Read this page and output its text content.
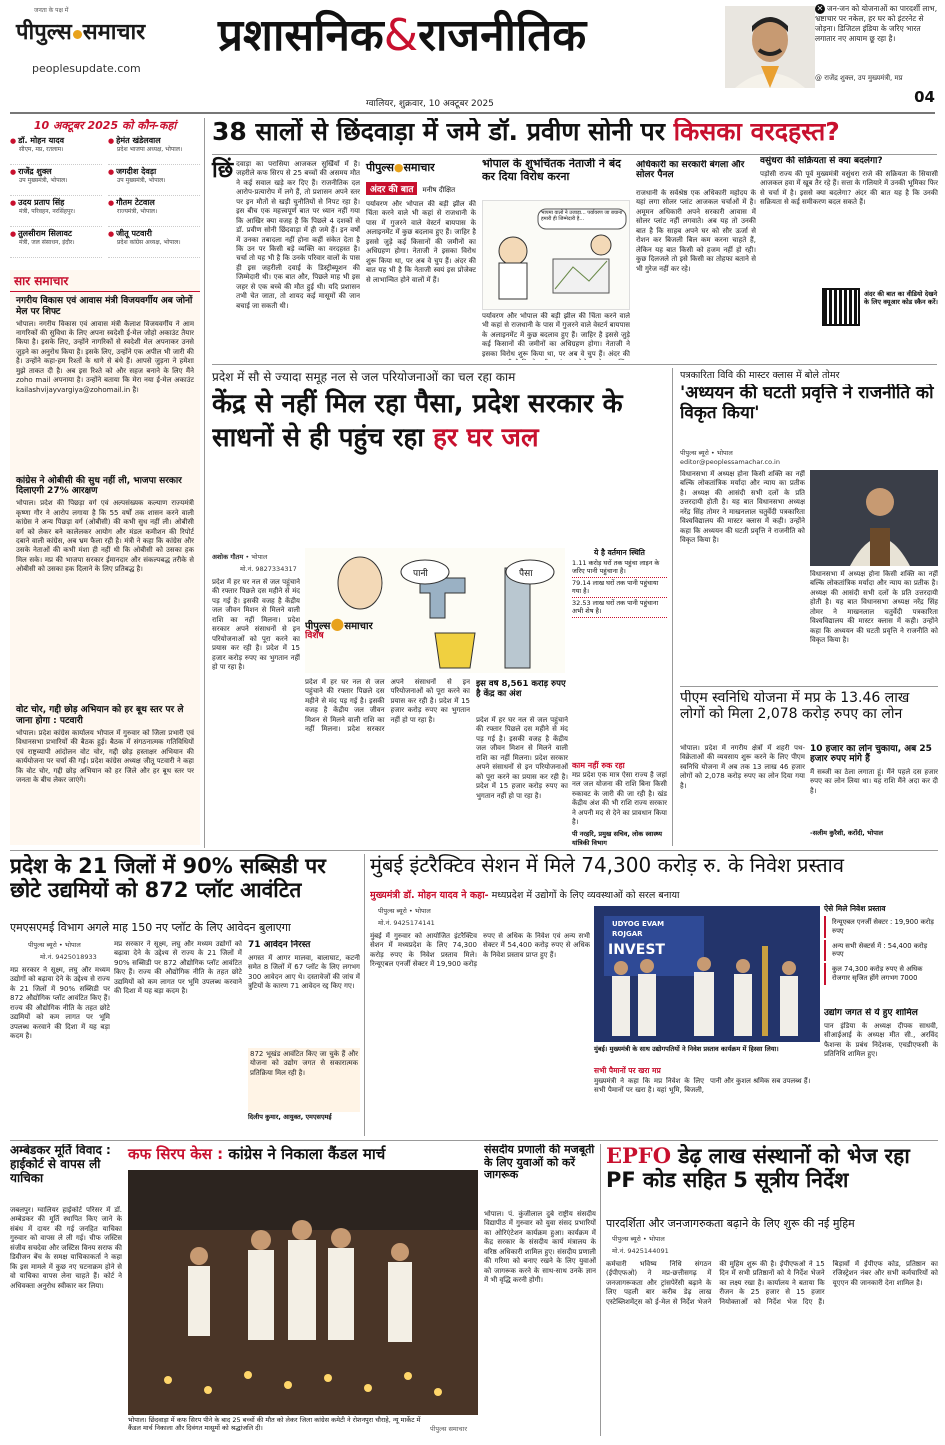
जनता के पक्ष में
पीपुल्स समाचार
peoplesupdate.com
प्रशासनिक&राजनीतिक
ग्वालियर, शुक्रवार, 10 अक्टूबर 2025
✕ जन-जन को योजनाओं का पारदर्शी लाभ, भ्रष्टाचार पर नकेल, हर घर को इंटरनेट से जोड़ना। डिजिटल इंडिया के जरिए भारत लगातार नए आयाम छू रहा है।
@ राजेंद्र शुक्ल, उप मुख्यमंत्री, मप्र
04
10 अक्टूबर 2025 को कौन-कहां
● डॉ. मोहन यादव
सीएम, मप्र, रतलाम।
● हेमंत खंडेलवाल
प्रदेश भाजपा अध्यक्ष, भोपाल।
● राजेंद्र शुक्ल
उप मुख्यमंत्री, भोपाल।
● जगदीश देवड़ा
उप मुख्यमंत्री, भोपाल।
● उदय प्रताप सिंह
मंत्री, परिवहन, नरसिंहपुर।
● गौतम टेटवाल
राज्यमंत्री, भोपाल।
● तुलसीराम सिलावट
मंत्री, जल संसाधन, इंदौर।
● जीतू पटवारी
प्रदेश कांग्रेस अध्यक्ष, भोपाल।
सार समाचार
नगरीय विकास एवं आवास मंत्री विजयवर्गीय अब जोनों मेल पर शिफ्ट
भोपाल। नगरीय विकास एवं आवास मंत्री कैलाश विजयवर्गीय ने आम नागरिकों की सुविधा के लिए अपना स्वदेशी ई-मेल जोहो अकाउंट तैयार किया है। इसके लिए, उन्होंने नागरिकों से स्वदेशी मेल अपनाकर उनसे जुड़ने का अनुरोध किया है। इसके लिए, उन्होंने एक अपील भी जारी की है। उन्होंने कहा-हम रिश्तों के धागे से बंधे हैं। आपसे जुड़ना ने हमेशा मुझे ताकत दी है। अब इस रिश्ते को और सहज बनाने के लिए मैंने zoho mail अपनाया है। उन्होंने बताया कि मेरा नया ई-मेल अकाउंट kailashvijayvargiya@zohomail.in है।
कांग्रेस ने ओबीसी की सुध नहीं ली, भाजपा सरकार दिलाएगी 27% आरक्षण
भोपाल। प्रदेश की पिछड़ा वर्ग एवं अल्पसंख्यक कल्याण राज्यमंत्री कृष्णा गौर ने आरोप लगाया है कि 55 वर्षों तक शासन करने वाली कांग्रेस ने अन्य पिछड़ा वर्ग (ओबीसी) की कभी सुध नहीं ली। ओबीसी वर्ग को लेकर बने कालेलकर आयोग और मंडल कमीशन की रिपोर्ट दबाने वाली कांग्रेस, अब भ्रम फैला रही है। मंत्री ने कहा कि कांग्रेस और उसके नेताओं की कभी मंशा ही नहीं थी कि ओबीसी को उसका हक मिल सके। मप्र की भाजपा सरकार ईमानदार और संकल्पबद्ध तरीके से ओबीसी को उसका हक दिलाने के लिए प्रतिबद्ध है।
वोट चोर, गद्दी छोड़ अभियान को हर बूथ स्तर पर ले जाना होगा : पटवारी
भोपाल। प्रदेश कांग्रेस कार्यालय भोपाल में गुरुवार को जिला प्रभारी एवं विधानसभा प्रभारियों की बैठक हुई। बैठक में संगठनात्मक गतिविधियों एवं राष्ट्रव्यापी आंदोलन वोट चोर, गद्दी छोड़ हस्ताक्षर अभियान की कार्ययोजना पर चर्चा की गई। प्रदेश कांग्रेस अध्यक्ष जीतू पटवारी ने कहा कि वोट चोर, गद्दी छोड़ अभियान को हर जिले और हर बूथ स्तर पर जनता के बीच लेकर जाएंगे।
38 सालों से छिंदवाड़ा में जमे डॉ. प्रवीण सोनी पर किसका वरदहस्त?
छिं दवाड़ा का परासिया आजकल सुर्खियों में है। जहरीले कफ सिरप से 25 बच्चों की असमय मौत ने कई सवाल खड़े कर दिए हैं। राजनीतिक दल आरोप-प्रत्यारोप में लगे हैं, तो प्रशासन अपने स्तर पर इन मौतों से खड़ी चुनौतियों से निपट रहा है। इस बीच एक महत्त्वपूर्ण बात पर ध्यान नहीं गया कि आखिर क्या वजह है कि पिछले 4 दशकों से डॉ. प्रवीण सोनी छिंदवाड़ा में ही जमे हैं। इन वर्षों में उनका तबादला नहीं होना कहीं संकेत देता है कि उन पर किसी बड़े व्यक्ति का वरदहस्त है। चर्चा तो यह भी है कि उनके परिवार वालों के पास ही इस जहरीली दवाई के डिस्ट्रीब्यूशन की जिम्मेदारी थी। एक बात और, पिछले माह भी इस जहर से एक बच्चे की मौत हुई थी। यदि प्रशासन तभी चेत जाता, तो शायद कई मासूमों की जान बचाई जा सकती थी।
पीपुल्स●समाचार
अंदर की बात मनीष दीक्षित
पर्यावरण और भोपाल की बड़ी झील की चिंता करने वाले भी कहां से राजधानी के पास में गुजरने वाले वेस्टर्न बायपास के अलाइनमेंट में कुछ बदलाव हुए हैं। जाहिर है इससे जुड़े कई किसानों की जमीनों का अधिग्रहण होगा। नेताजी ने इसका विरोध शुरू किया था, पर अब वे चुप हैं। अंदर की बात यह भी है कि नेताजी स्वयं इस प्रोजेक्ट से लाभान्वित होने वालों में हैं।
भोपाल के शुभचिंतक नेताजी ने बंद कर दिया विरोध करना
भापमा वालो ने उजाड़ा... पर्यावरण जा बचाना हमारी ही जिम्मेदारी है...
पर्यावरण और भोपाल की बड़ी झील की चिंता करने वाले भी कहां से राजधानी के पास में गुजरने वाले वेस्टर्न बायपास के अलाइनमेंट में कुछ बदलाव हुए हैं। जाहिर है इससे जुड़े कई किसानों की जमीनों का अधिग्रहण होगा। नेताजी ने इसका विरोध शुरू किया था, पर अब वे चुप हैं। अंदर की
अधिकारी का सरकारी बंगला और सोलर पैनल
राजधानी के सर्वश्रेष्ठ एक अधिकारी महोदय के यहां लगा सोलर प्लांट आजकल चर्चाओं में है। अमूमन अधिकारी अपने सरकारी आवास में सोलर प्लांट नहीं लगवाते। अब यह तो उनकी बात है कि साहब अपने घर को सौर ऊर्जा से रोशन कर बिजली बिल कम करना चाहते हैं, लेकिन यह बात किसी को हजम नहीं हो रही। कुछ दिलजले तो इसे किसी का तोहफा बताने से भी गुरेज नहीं कर रहे।
वसुंधरा की सक्रियता से क्या बदलेगा?
पड़ोसी राज्य की पूर्व मुख्यमंत्री वसुंधरा राजे की सक्रियता के सियासी आजकल हवा में खूब तैर रहे हैं। सत्ता के गलियारे में उनकी भूमिका फिर से चर्चा में है। इससे क्या बदलेगा? अंदर की बात यह है कि उनकी सक्रियता से कई समीकरण बदल सकते हैं।
अंदर की बात का वीडियो देखने के लिए क्यूआर कोड स्कैन करें।
प्रदेश में सौ से ज्यादा समूह नल से जल परियोजनाओं का चल रहा काम
केंद्र से नहीं मिल रहा पैसा, प्रदेश सरकार के साधनों से ही पहुंच रहा हर घर जल
अशोक गौतम • भोपाल
मो.नं. 9827334317
प्रदेश में हर घर नल से जल पहुंचाने की रफ्तार पिछले दस महीने से मंद पड़ गई है। इसकी वजह है केंद्रीय जल जीवन मिशन से मिलने वाली राशि का नहीं मिलना। प्रदेश सरकार अपने संसाधनों से इन परियोजनाओं को पूरा करने का प्रयास कर रही है। प्रदेश में 15 हजार करोड़ रुपए का भुगतान नहीं हो पा रहा है।
पानी	पैसा
पीपुल्स●समाचार
विशेष
प्रदेश में हर घर नल से जल पहुंचाने की रफ्तार पिछले दस महीने से मंद पड़ गई है। इसकी वजह है केंद्रीय जल जीवन मिशन से मिलने वाली राशि का नहीं मिलना। प्रदेश सरकार अपने संसाधनों से इन परियोजनाओं को पूरा करने का प्रयास कर रही है। प्रदेश में 15 हजार करोड़ रुपए का भुगतान नहीं हो पा रहा है।
ये है वर्तमान स्थिति
1.11 करोड़ घरों तक पहुंचा लाइन के जरिए पानी पहुंचाना है।
79.14 लाख घरों तक पानी पहुंचाया गया है।
32.53 लाख घरों तक पानी पहुंचाना अभी शेष है।
इस वर्ष 8,561 करोड़ रुपए है केंद्र का अंश
प्रदेश में हर घर नल से जल पहुंचाने की रफ्तार पिछले दस महीने से मंद पड़ गई है। इसकी वजह है केंद्रीय जल जीवन मिशन से मिलने वाली राशि का नहीं मिलना। प्रदेश सरकार अपने संसाधनों से इन परियोजनाओं को पूरा करने का प्रयास कर रही है। प्रदेश में 15 हजार करोड़ रुपए का भुगतान नहीं हो पा रहा है।
काम नहीं रुक रहा
मप्र प्रदेश एक मात्र ऐसा राज्य है जहां नल जल योजना की राशि बिना किसी रुकावट के जारी की जा रही है। खंड केंद्रीय अंश की भी राशि राज्य सरकार ने अपनी मद से देने का प्रावधान किया है।
पी नरहरि, प्रमुख सचिव, लोक स्वास्थ्य यांत्रिकी विभाग
पत्रकारिता विवि की मास्टर क्लास में बोले तोमर
'अध्ययन की घटती प्रवृत्ति ने राजनीति को विकृत किया'
पीपुल्स ब्यूरो • भोपाल
editor@peoplessamachar.co.in
विधानसभा में अध्यक्ष होना किसी शक्ति का नहीं बल्कि लोकतांत्रिक मर्यादा और न्याय का प्रतीक है। अध्यक्ष की आसंदी सभी दलों के प्रति उत्तरदायी होती है। यह बात विधानसभा अध्यक्ष नरेंद्र सिंह तोमर ने माखनलाल चतुर्वेदी पत्रकारिता विश्वविद्यालय की मास्टर क्लास में कही। उन्होंने कहा कि अध्ययन की घटती प्रवृत्ति ने राजनीति को विकृत किया है।
विधानसभा में अध्यक्ष होना किसी शक्ति का नहीं बल्कि लोकतांत्रिक मर्यादा और न्याय का प्रतीक है। अध्यक्ष की आसंदी सभी दलों के प्रति उत्तरदायी होती है। यह बात विधानसभा अध्यक्ष नरेंद्र सिंह तोमर ने माखनलाल चतुर्वेदी पत्रकारिता विश्वविद्यालय की मास्टर क्लास में कही। उन्होंने कहा कि अध्ययन की घटती प्रवृत्ति ने राजनीति को विकृत किया है।
पीएम स्वनिधि योजना में मप्र के 13.46 लाख लोगों को मिला 2,078 करोड़ रुपए का लोन
भोपाल। प्रदेश में नगरीय क्षेत्रों में शहरी पथ-विक्रेताओं की व्यवसाय शुरू करने के लिए पीएम स्वनिधि योजना में अब तक 13 लाख 46 हजार लोगों को 2,078 करोड़ रुपए का लोन दिया गया है।
10 हजार का लोन चुकाया, अब 25 हजार रुपए मांगे हैं
मैं सब्जी का ठेला लगाता हूं। मैंने पहले दस हजार रुपए का लोन लिया था। यह राशि मैंने अदा कर दी है।
-सलीम कुरैशी, करोंदी, भोपाल
प्रदेश के 21 जिलों में 90% सब्सिडी पर छोटे उद्यमियों को 872 प्लॉट आवंटित
एमएसएमई विभाग अगले माह 150 नए प्लॉट के लिए आवेदन बुलाएगा
पीपुल्स ब्यूरो • भोपाल
मो.नं. 9425018933
मप्र सरकार ने सूक्ष्म, लघु और मध्यम उद्योगों को बढ़ावा देने के उद्देश्य से राज्य के 21 जिलों में 90% सब्सिडी पर 872 औद्योगिक प्लॉट आवंटित किए हैं। राज्य की औद्योगिक नीति के तहत छोटे उद्यमियों को कम लागत पर भूमि उपलब्ध करवाने की दिशा में यह बड़ा कदम है।
मप्र सरकार ने सूक्ष्म, लघु और मध्यम उद्योगों को बढ़ावा देने के उद्देश्य से राज्य के 21 जिलों में 90% सब्सिडी पर 872 औद्योगिक प्लॉट आवंटित किए हैं। राज्य की औद्योगिक नीति के तहत छोटे उद्यमियों को कम लागत पर भूमि उपलब्ध करवाने की दिशा में यह बड़ा कदम है।
71 आवेदन निरस्त
अगस्त में आगर मालवा, बालाघाट, कटनी समेत 8 जिलों में 67 प्लॉट के लिए लगभग 300 आवेदन आए थे। दस्तावेजों की जांच में त्रुटियों के कारण 71 आवेदन रद्द किए गए।
872 भूखंड आवंटित किए जा चुके हैं और योजना को उद्योग जगत से सकारात्मक प्रतिक्रिया मिल रही है।
दिलीप कुमार, आयुक्त, एमएसएमई
मुंबई इंटरैक्टिव सेशन में मिले 74,300 करोड़ रु. के निवेश प्रस्ताव
मुख्यमंत्री डॉ. मोहन यादव ने कहा- मध्यप्रदेश में उद्योगों के लिए व्यवस्थाओं को सरल बनाया
पीपुल्स ब्यूरो • भोपाल
मो.नं. 9425174141
मुंबई में गुरुवार को आयोजित इंटरैक्टिव सेशन में मध्यप्रदेश के लिए 74,300 करोड़ रुपए के निवेश प्रस्ताव मिले। रिन्यूएबल एनर्जी सेक्टर में 19,900 करोड़ रुपए से अधिक के निवेश एवं अन्य सभी सेक्टर में 54,400 करोड़ रुपए से अधिक के निवेश प्रस्ताव प्राप्त हुए हैं।
UDYOG EVAM
ROJGAR
INVEST
मुंबई। मुख्यमंत्री के साथ उद्योगपतियों ने निवेश प्रस्ताव कार्यक्रम में हिस्सा लिया।
सभी पैमानों पर खरा मप्र
मुख्यमंत्री ने कहा कि मप्र निवेश के लिए सभी पैमानों पर खरा है। यहां भूमि, बिजली, पानी और कुशल श्रमिक सब उपलब्ध हैं।
ऐसे मिले निवेश प्रस्ताव
रिन्यूएबल एनर्जी सेक्टर : 19,900 करोड़ रुपए
अन्य सभी सेक्टर्स में : 54,400 करोड़ रुपए
कुल 74,300 करोड़ रुपए से अधिक रोजगार सृजित होंगे लगभग 7000
उद्योग जगत से ये हुए शामिल
पान इंडिया के अध्यक्ष दीपक साधवी, सीआईआई के अध्यक्ष मीत सी., अरविंद फैशन्स के प्रबंध निदेशक, एचडीएफसी के प्रतिनिधि शामिल हुए।
अम्बेडकर मूर्ति विवाद : हाईकोर्ट से वापस ली याचिका
जबलपुर। ग्वालियर हाईकोर्ट परिसर में डॉ. अम्बेडकर की मूर्ति स्थापित किए जाने के संबंध में दायर की गई जनहित याचिका गुरुवार को वापस ले ली गई। चीफ जस्टिस संजीव सचदेवा और जस्टिस विनय सराफ की डिवीजन बेंच के समक्ष याचिकाकर्ता ने कहा कि इस मामले में कुछ नए घटनाक्रम होने से वो याचिका वापस लेना चाहते हैं। कोर्ट ने अधिवक्ता अनुरोध स्वीकार कर लिया।
कफ सिरप केस : कांग्रेस ने निकाला कैंडल मार्च
भोपाल। छिंदवाड़ा में कफ सिरप पीने के बाद 25 बच्चों की मौत को लेकर जिला कांग्रेस कमेटी ने रोशनपुरा चौराहे, न्यू मार्केट में कैंडल मार्च निकाला और दिवंगत मासूमों को श्रद्धांजलि दी।	पीपुल्स समाचार
संसदीय प्रणाली की मजबूती के लिए युवाओं को करें जागरूक
भोपाल। पं. कुंजीलाल दुबे राष्ट्रीय संसदीय विद्यापीठ में गुरुवार को युवा संसद प्रभारियों का ओरिएंटेशन कार्यक्रम हुआ। कार्यक्रम में केंद्र सरकार के संसदीय कार्य मंत्रालय के वरिष्ठ अधिकारी शामिल हुए। संसदीय प्रणाली की गरिमा को बनाए रखने के लिए युवाओं को जागरूक करने के साथ-साथ उनके ज्ञान में भी वृद्धि करनी होगी।
EPFO डेढ़ लाख संस्थानों को भेज रहा PF कोड सहित 5 सूत्रीय निर्देश
पारदर्शिता और जनजागरुकता बढ़ाने के लिए शुरू की नई मुहिम
पीपुल्स ब्यूरो • भोपाल
मो.नं. 9425144091
कर्मचारी भविष्य निधि संगठन (ईपीएफओ) ने मप्र-छत्तीसगढ़ में जनजागरूकता और ट्रांसपेरेंसी बढ़ाने के लिए पहली बार करीब डेढ़ लाख एस्टेब्लिशमेंट्स को ई-मेल से निर्देश भेजने की मुहिम शुरू की है। ईपीएफओ ने 15 दिन में सभी प्रतिष्ठानों को ये निर्देश भेजने का लक्ष्य रखा है। कार्यालय ने बताया कि रीजन के 25 हजार से 15 हजार नियोक्ताओं को निर्देश भेज दिए हैं। बिड़ावों में ईपीएफ कोड, प्रतिष्ठान का रजिस्ट्रेशन नंबर और सभी कर्मचारियों को यूएएन की जानकारी देना शामिल है।
